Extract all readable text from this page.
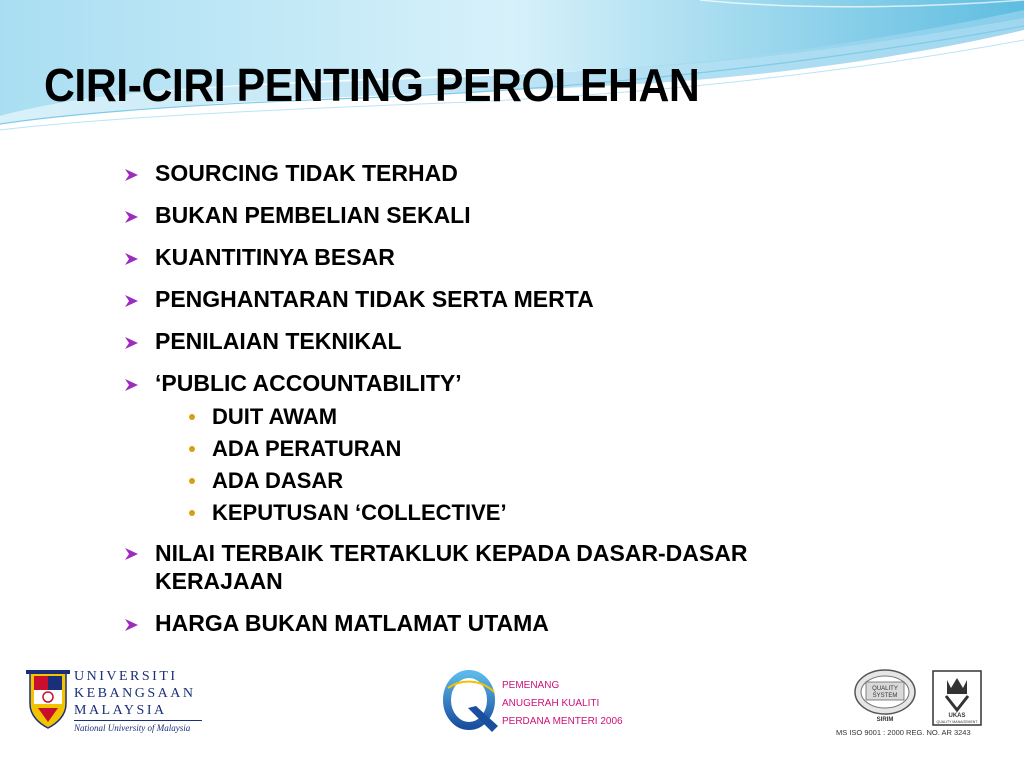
CIRI-CIRI PENTING PEROLEHAN
SOURCING TIDAK TERHAD
BUKAN PEMBELIAN SEKALI
KUANTITINYA BESAR
PENGHANTARAN TIDAK SERTA MERTA
PENILAIAN TEKNIKAL
‘PUBLIC ACCOUNTABILITY’
DUIT AWAM
ADA PERATURAN
ADA DASAR
KEPUTUSAN ‘COLLECTIVE’
NILAI TERBAIK TERTAKLUK KEPADA DASAR-DASAR KERAJAAN
HARGA BUKAN MATLAMAT UTAMA
UNIVERSITI
KEBANGSAAN
MALAYSIA
National University of Malaysia
PEMENANG
ANUGERAH KUALITI
PERDANA MENTERI 2006
QUALITY
SYSTEM
SIRIM
UKAS
QUALITY MANAGEMENT
MS ISO 9001 : 2000 REG. NO. AR 3243
